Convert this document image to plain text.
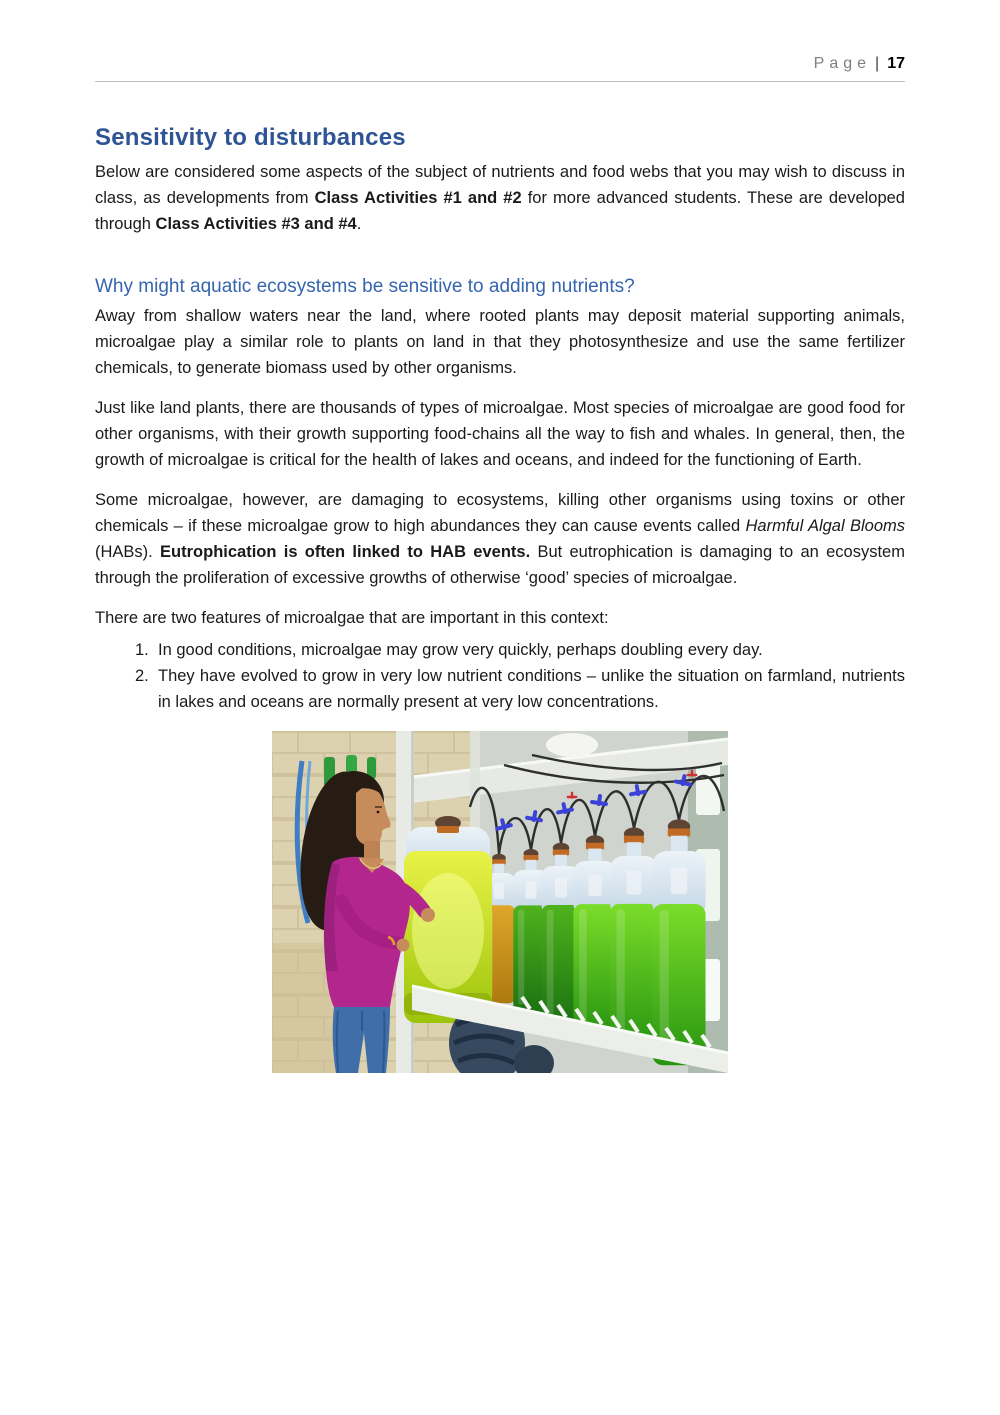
Page | 17
Sensitivity to disturbances

Below are considered some aspects of the subject of nutrients and food webs that you may wish to discuss in class, as developments from Class Activities #1 and #2 for more advanced students. These are developed through Class Activities #3 and #4.

Why might aquatic ecosystems be sensitive to adding nutrients?

Away from shallow waters near the land, where rooted plants may deposit material supporting animals, microalgae play a similar role to plants on land in that they photosynthesize and use the same fertilizer chemicals, to generate biomass used by other organisms.

Just like land plants, there are thousands of types of microalgae. Most species of microalgae are good food for other organisms, with their growth supporting food-chains all the way to fish and whales. In general, then, the growth of microalgae is critical for the health of lakes and oceans, and indeed for the functioning of Earth.

Some microalgae, however, are damaging to ecosystems, killing other organisms using toxins or other chemicals – if these microalgae grow to high abundances they can cause events called Harmful Algal Blooms (HABs). Eutrophication is often linked to HAB events. But eutrophication is damaging to an ecosystem through the proliferation of excessive growths of otherwise ‘good’ species of microalgae.

There are two features of microalgae that are important in this context:

1. In good conditions, microalgae may grow very quickly, perhaps doubling every day.
2. They have evolved to grow in very low nutrient conditions – unlike the situation on farmland, nutrients in lakes and oceans are normally present at very low concentrations.
